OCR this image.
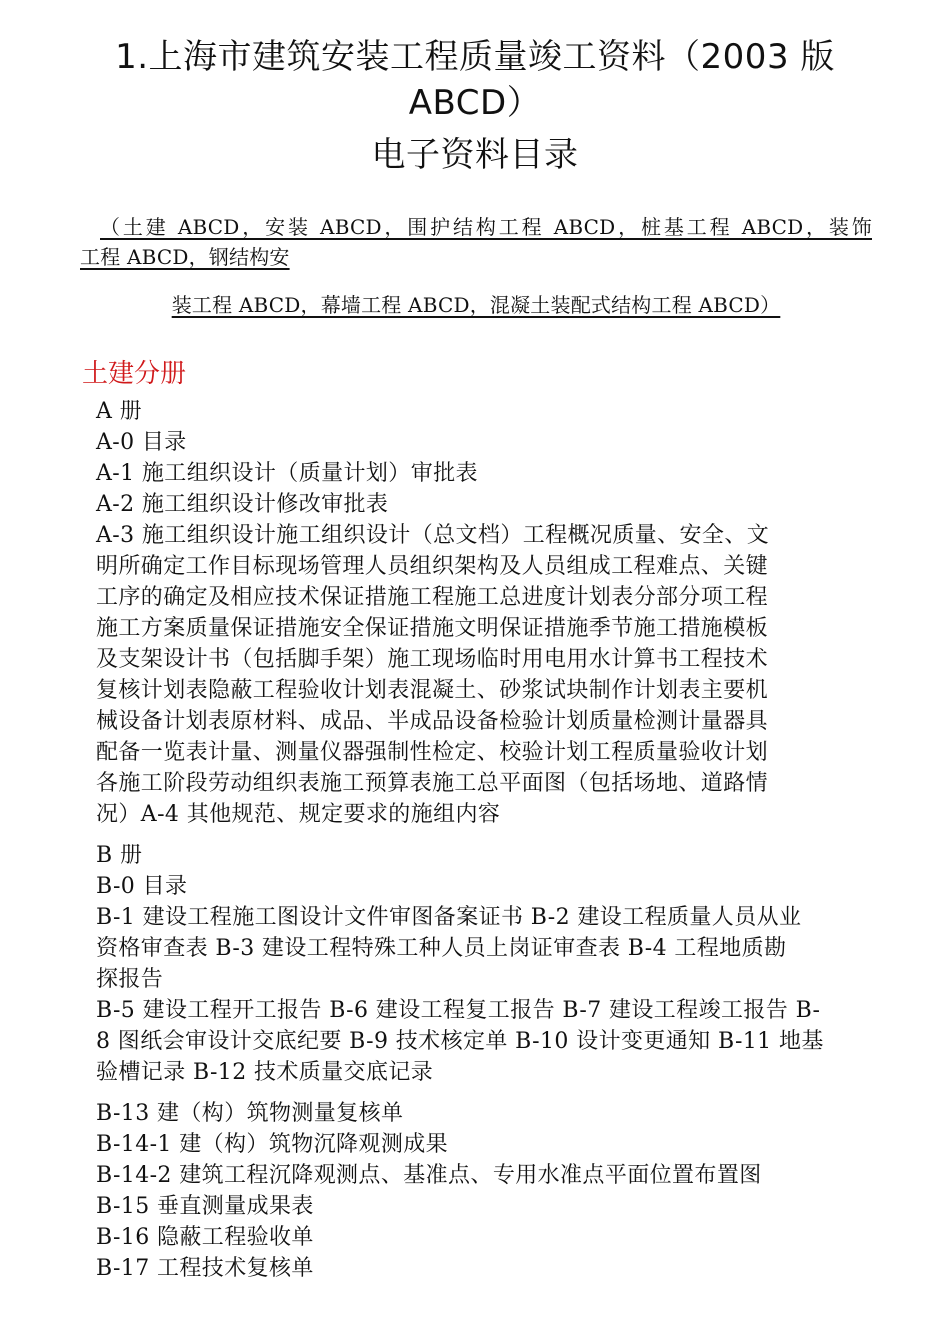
1.上海市建筑安装工程质量竣工资料（2003 版
ABCD）
电子资料目录
（土建 ABCD，安装 ABCD，围护结构工程 ABCD，桩基工程 ABCD，装饰
工程 ABCD，钢结构安
装工程 ABCD，幕墙工程 ABCD，混凝土装配式结构工程 ABCD）
土建分册
A 册
A-0 目录
A-1 施工组织设计（质量计划）审批表
A-2 施工组织设计修改审批表
A-3 施工组织设计施工组织设计（总文档）工程概况质量、安全、文
明所确定工作目标现场管理人员组织架构及人员组成工程难点、关键
工序的确定及相应技术保证措施工程施工总进度计划表分部分项工程
施工方案质量保证措施安全保证措施文明保证措施季节施工措施模板
及支架设计书（包括脚手架）施工现场临时用电用水计算书工程技术
复核计划表隐蔽工程验收计划表混凝土、砂浆试块制作计划表主要机
械设备计划表原材料、成品、半成品设备检验计划质量检测计量器具
配备一览表计量、测量仪器强制性检定、校验计划工程质量验收计划
各施工阶段劳动组织表施工预算表施工总平面图（包括场地、道路情
况）A-4 其他规范、规定要求的施组内容
B 册
B-0 目录
B-1 建设工程施工图设计文件审图备案证书 B-2 建设工程质量人员从业
资格审查表 B-3 建设工程特殊工种人员上岗证审查表 B-4 工程地质勘
探报告
B-5 建设工程开工报告 B-6 建设工程复工报告 B-7 建设工程竣工报告 B-
8 图纸会审设计交底纪要 B-9 技术核定单 B-10 设计变更通知 B-11 地基
验槽记录 B-12 技术质量交底记录
B-13 建（构）筑物测量复核单
B-14-1 建（构）筑物沉降观测成果
B-14-2 建筑工程沉降观测点、基准点、专用水准点平面位置布置图
B-15 垂直测量成果表
B-16 隐蔽工程验收单
B-17 工程技术复核单
